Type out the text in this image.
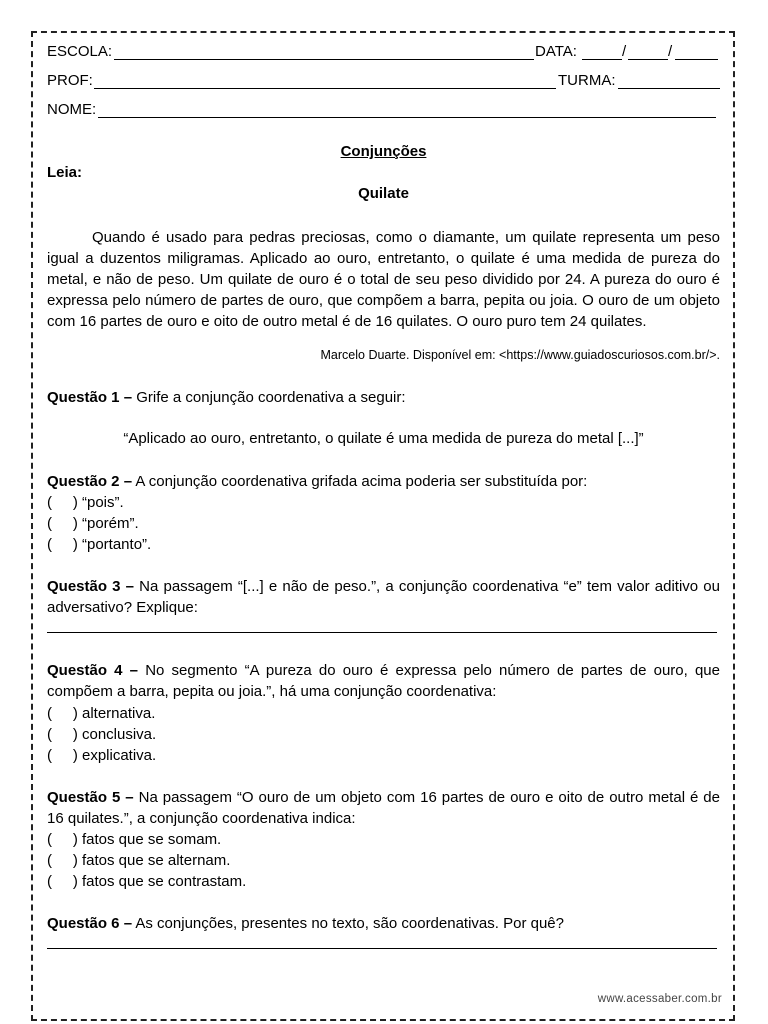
ESCOLA:	DATA:	/	/
PROF:	TURMA:
NOME:
Conjunções
Leia:
Quilate
Quando é usado para pedras preciosas, como o diamante, um quilate representa um peso igual a duzentos miligramas. Aplicado ao ouro, entretanto, o quilate é uma medida de pureza do metal, e não de peso. Um quilate de ouro é o total de seu peso dividido por 24. A pureza do ouro é expressa pelo número de partes de ouro, que compõem a barra, pepita ou joia. O ouro de um objeto com 16 partes de ouro e oito de outro metal é de 16 quilates. O ouro puro tem 24 quilates.
Marcelo Duarte. Disponível em: <https://www.guiadoscuriosos.com.br/>.
Questão 1 – Grife a conjunção coordenativa a seguir:
“Aplicado ao ouro, entretanto, o quilate é uma medida de pureza do metal [...]”
Questão 2 – A conjunção coordenativa grifada acima poderia ser substituída por:
(     ) “pois”.
(     ) “porém”.
(     ) “portanto”.
Questão 3 – Na passagem “[...] e não de peso.”, a conjunção coordenativa “e” tem valor aditivo ou adversativo? Explique:
Questão 4 – No segmento “A pureza do ouro é expressa pelo número de partes de ouro, que compõem a barra, pepita ou joia.”, há uma conjunção coordenativa:
(     ) alternativa.
(     ) conclusiva.
(     ) explicativa.
Questão 5 – Na passagem “O ouro de um objeto com 16 partes de ouro e oito de outro metal é de 16 quilates.”, a conjunção coordenativa indica:
(     ) fatos que se somam.
(     ) fatos que se alternam.
(     ) fatos que se contrastam.
Questão 6 – As conjunções, presentes no texto, são coordenativas. Por quê?
www.acessaber.com.br
